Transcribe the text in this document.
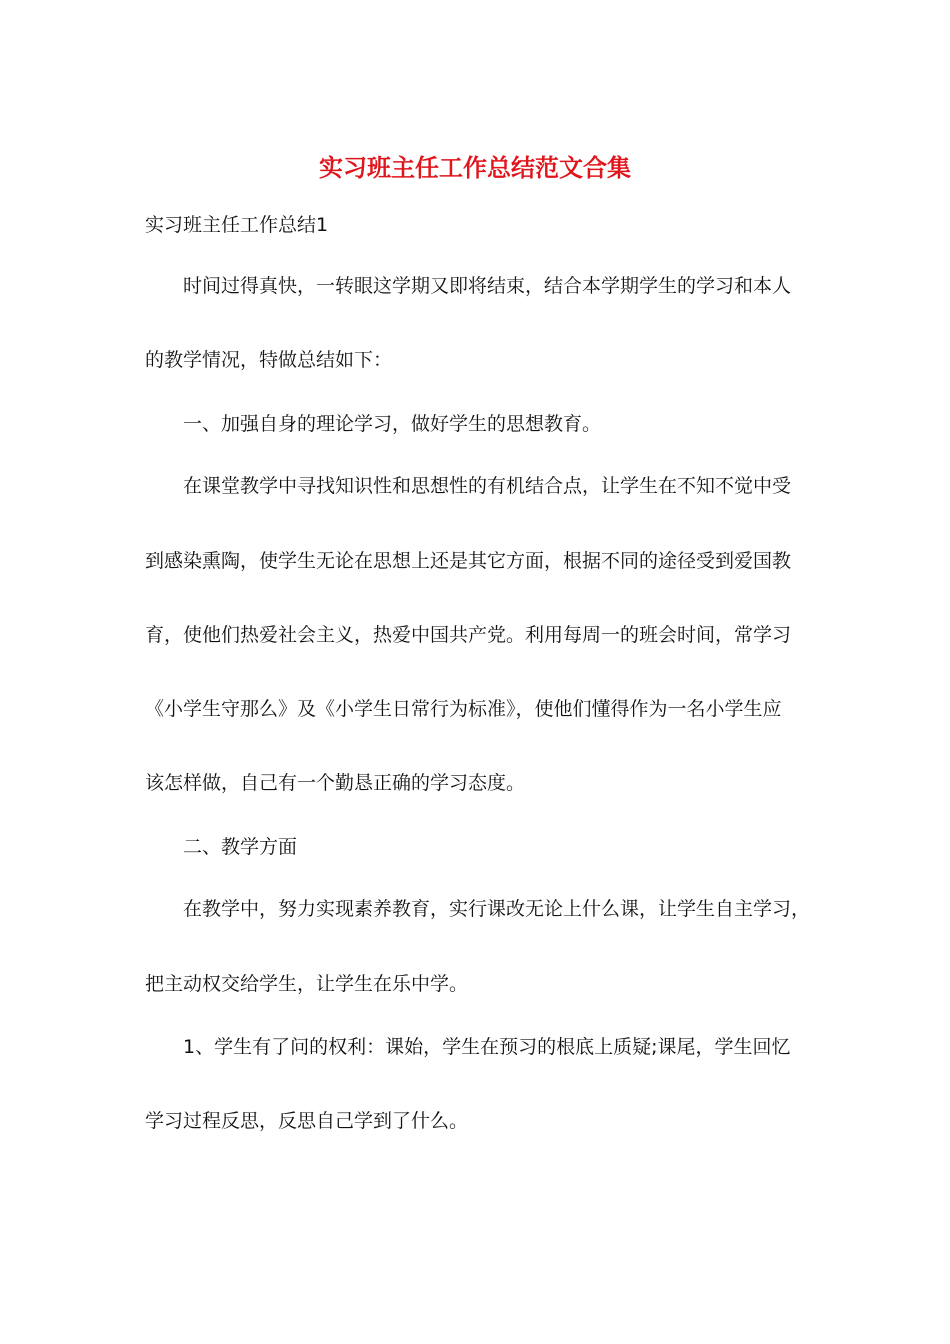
实习班主任工作总结范文合集

实习班主任工作总结1

时间过得真快，一转眼这学期又即将结束，结合本学期学生的学习和本人

的教学情况，特做总结如下：

一、加强自身的理论学习，做好学生的思想教育。

在课堂教学中寻找知识性和思想性的有机结合点，让学生在不知不觉中受

到感染熏陶，使学生无论在思想上还是其它方面，根据不同的途径受到爱国教

育，使他们热爱社会主义，热爱中国共产党。利用每周一的班会时间，常学习

《小学生守那么》及《小学生日常行为标准》，使他们懂得作为一名小学生应

该怎样做，自己有一个勤恳正确的学习态度。

二、教学方面

在教学中，努力实现素养教育，实行课改无论上什么课，让学生自主学习，

把主动权交给学生，让学生在乐中学。

1、学生有了问的权利：课始，学生在预习的根底上质疑;课尾，学生回忆

学习过程反思，反思自己学到了什么。
